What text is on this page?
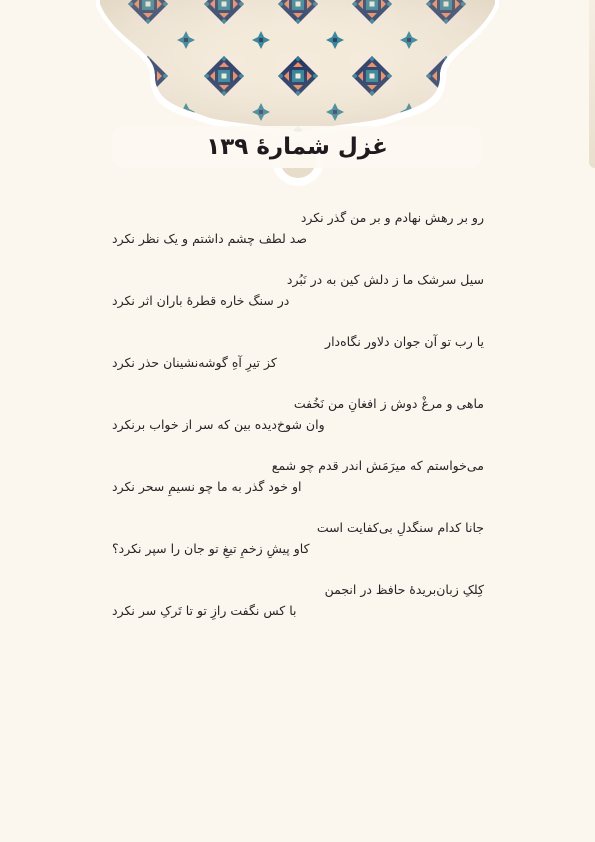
غزل شمارهٔ ۱۳۹
رو بر رهش نهادم و بر من گذر نکرد
صد لطف چشم داشتم و یک نظر نکرد
سیل سرشک ما ز دلش کین به در نَبُرد
در سنگ خاره قطرهٔ باران اثر نکرد
یا رب تو آن جوان دلاور نگاه‌دار
کز تیرِ آهِ گوشه‌نشینان حذر نکرد
ماهی و مرغْ دوش ز افغانِ من نَخُفت
وان شوخ‌دیده بین که سر از خواب برنکرد
می‌خواستم که میرَمَش اندر قدم چو شمع
او خود گذر به ما چو نسیمِ سحر نکرد
جانا کدام سنگدلِ بی‌کفایت است
کاو پیشِ زخمِ تیغِ تو جان را سپر نکرد؟
کِلکِ زبان‌بریدهٔ حافظ در انجمن
با کس نگفت رازِ تو تا تَرکِ سر نکرد
